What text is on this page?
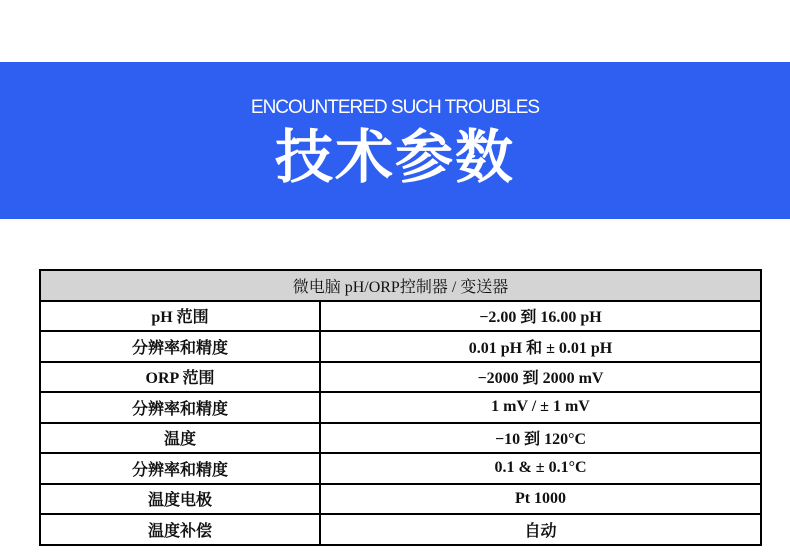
ENCOUNTERED SUCH TROUBLES
技术参数
微电脑 pH/ORP控制器 / 变送器	
pH 范围	−2.00 到 16.00 pH
分辨率和精度	0.01 pH 和 ± 0.01 pH
ORP 范围	−2000 到 2000 mV
分辨率和精度	1 mV / ± 1 mV
温度	−10 到 120°C
分辨率和精度	0.1 & ± 0.1°C
温度电极	Pt 1000
温度补偿	自动
